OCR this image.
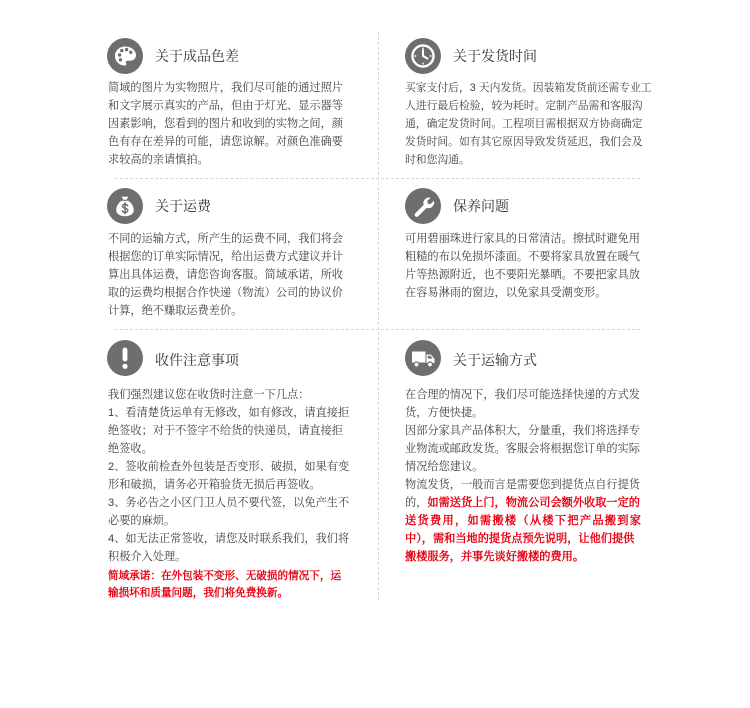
关于成品色差
简域的图片为实物照片，我们尽可能的通过照片
和文字展示真实的产品，但由于灯光、显示器等
因素影响，您看到的图片和收到的实物之间，颜
色有存在差异的可能，请您谅解。对颜色准确要
求较高的亲请慎拍。
关于发货时间
买家支付后，3 天内发货。因装箱发货前还需专业工
人进行最后检验，较为耗时。定制产品需和客服沟
通，确定发货时间。工程项目需根据双方协商确定
发货时间。如有其它原因导致发货延迟，我们会及
时和您沟通。
关于运费
不同的运输方式，所产生的运费不同，我们将会
根据您的订单实际情况，给出运费方式建议并计
算出具体运费，请您咨询客服。简域承诺，所收
取的运费均根据合作快递（物流）公司的协议价
计算，绝不赚取运费差价。
保养问题
可用碧丽珠进行家具的日常清洁。擦拭时避免用
粗糙的布以免损坏漆面。不要将家具放置在暖气
片等热源附近，也不要阳光暴晒。不要把家具放
在容易淋雨的窗边，以免家具受潮变形。
收件注意事项
我们强烈建议您在收货时注意一下几点：
1、看清楚货运单有无修改，如有修改，请直接拒
绝签收；对于不签字不给货的快递员，请直接拒
绝签收。
2、签收前检查外包装是否变形、破损，如果有变
形和破损，请务必开箱验货无损后再签收。
3、务必告之小区门卫人员不要代签，以免产生不
必要的麻烦。
4、如无法正常签收，请您及时联系我们，我们将
积极介入处理。
简域承诺：在外包装不变形、无破损的情况下，运
输损坏和质量问题，我们将免费换新。
关于运输方式
在合理的情况下，我们尽可能选择快递的方式发
货，方便快捷。
因部分家具产品体积大，分量重，我们将选择专
业物流或邮政发货。客服会将根据您订单的实际
情况给您建议。
物流发货，一般而言是需要您到提货点自行提货
的，如需送货上门，物流公司会额外收取一定的
送货费用，如需搬楼（从楼下把产品搬到家
中），需和当地的提货点预先说明，让他们提供
搬楼服务，并事先谈好搬楼的费用。
